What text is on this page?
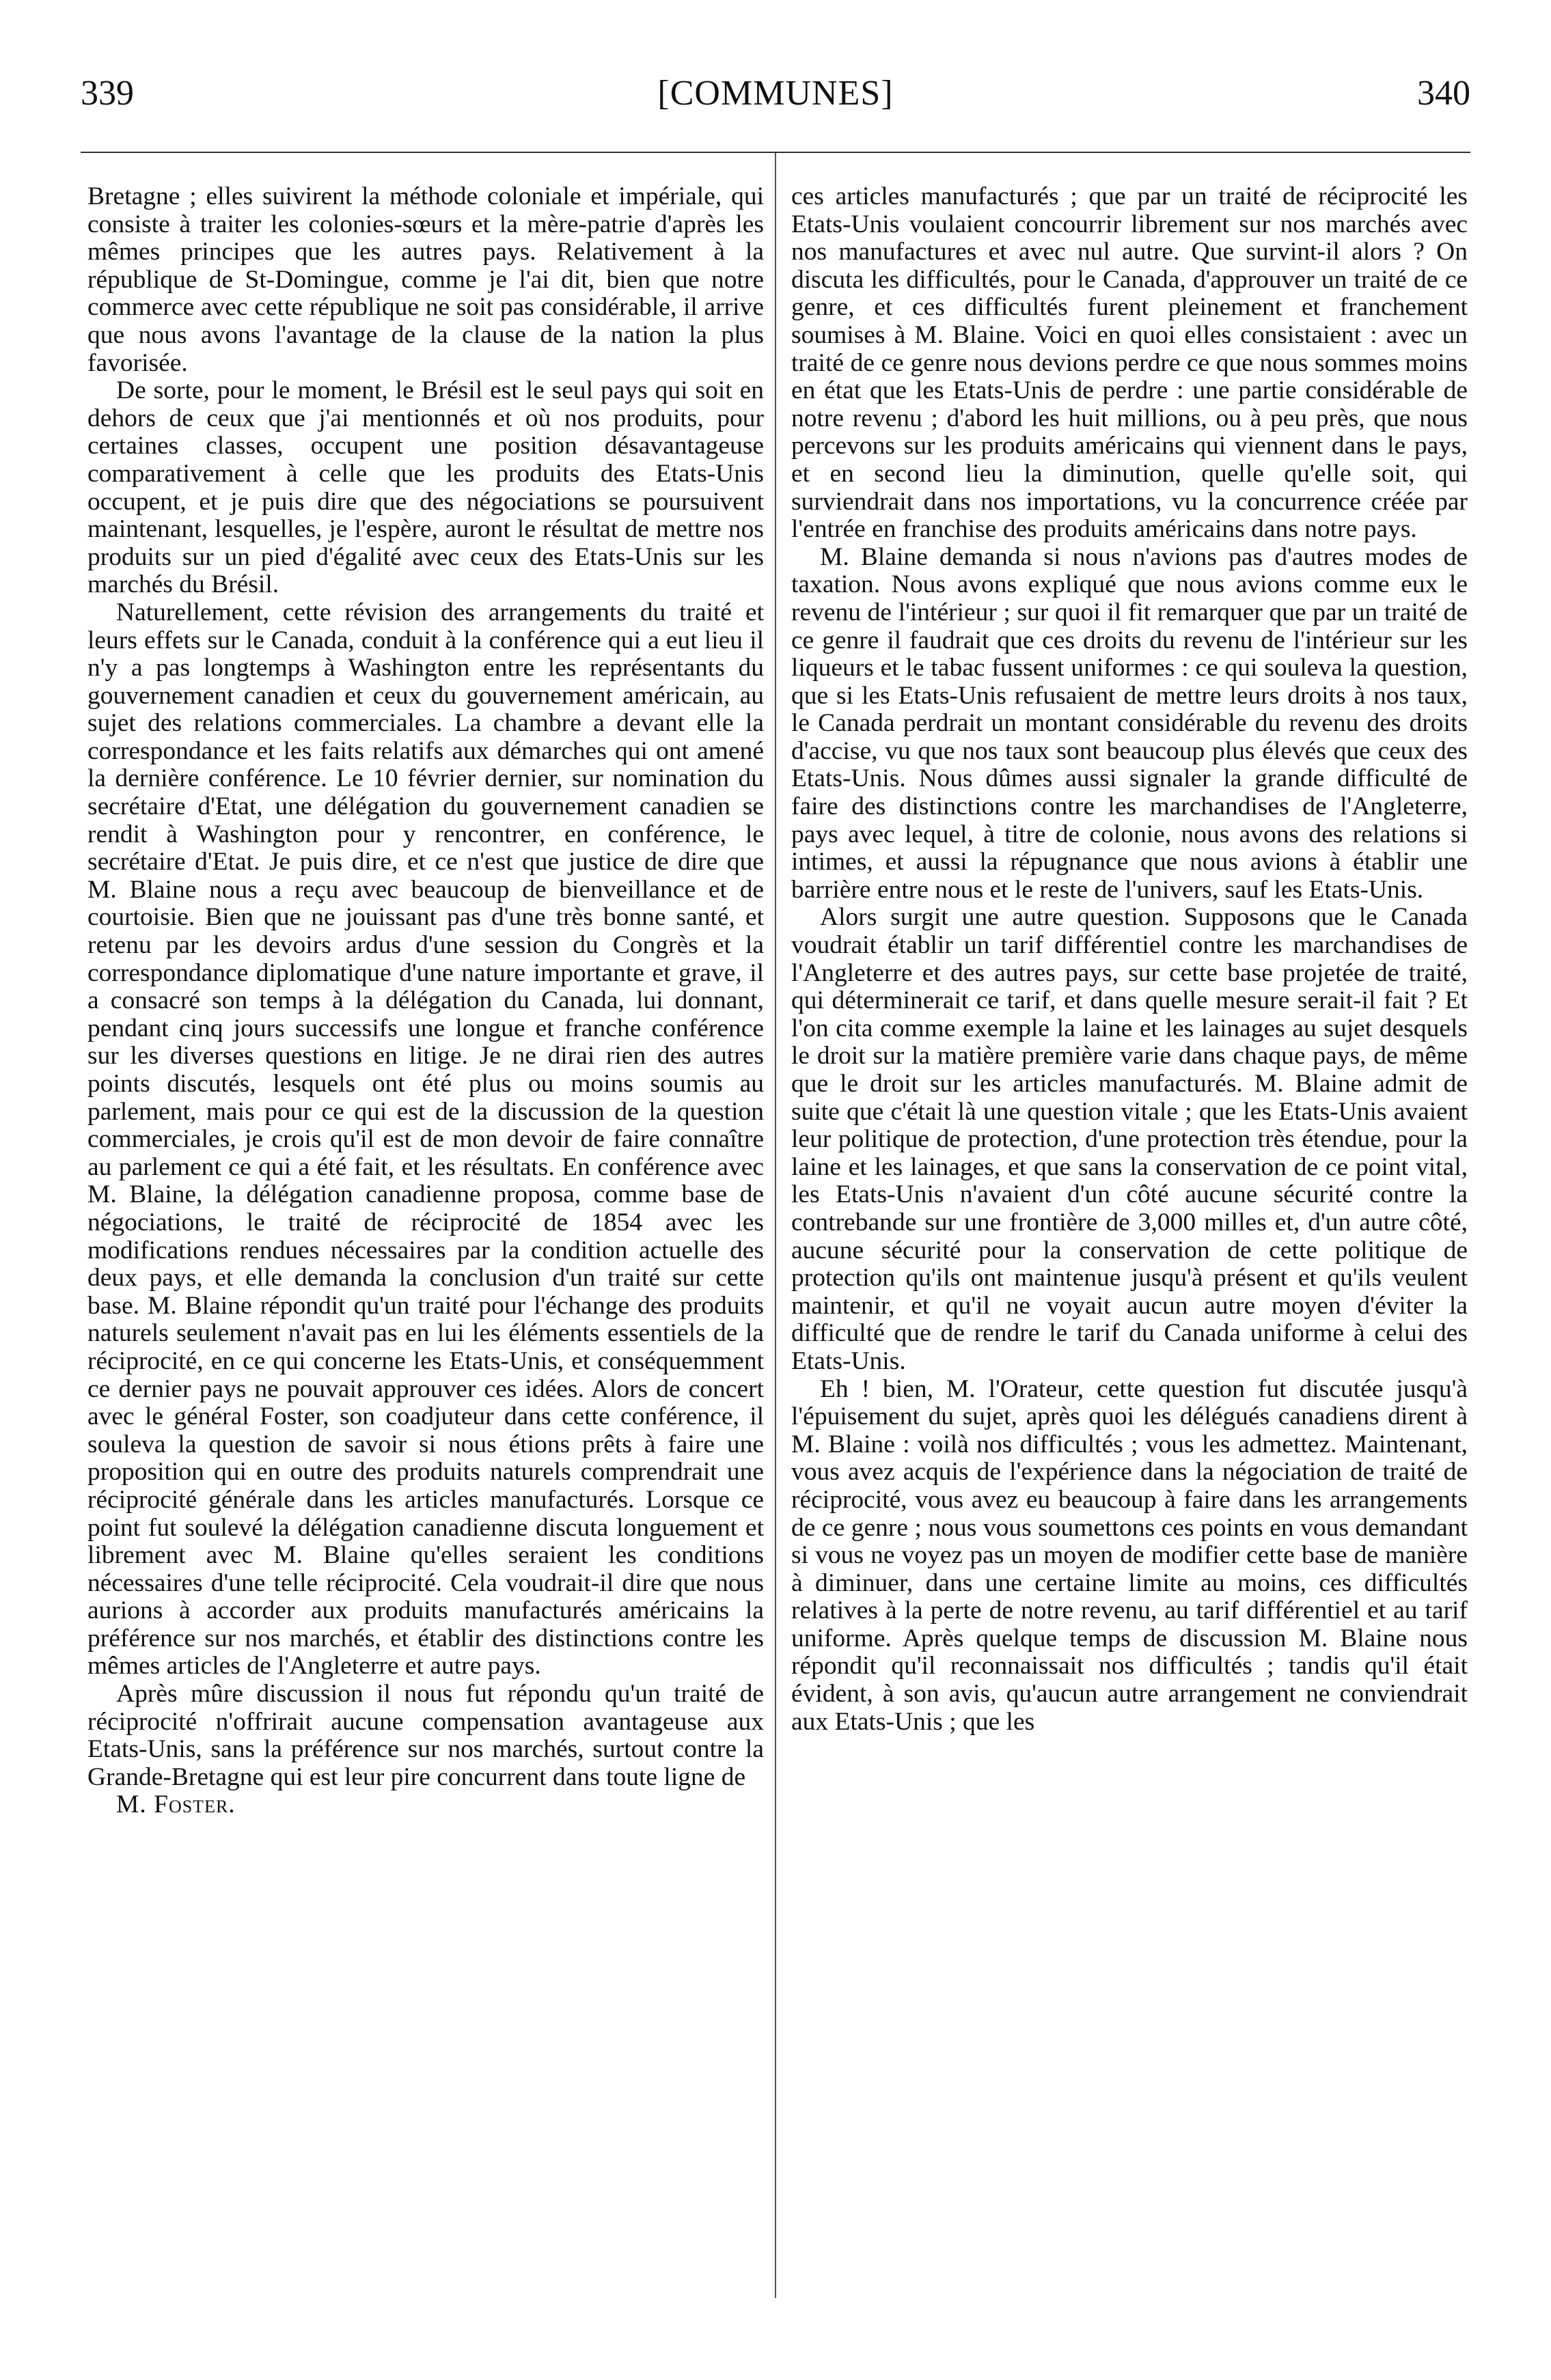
339	[COMMUNES]	340

Bretagne ; elles suivirent la méthode coloniale et impériale, qui consiste à traiter les colonies-sœurs et la mère-patrie d'après les mêmes principes que les autres pays. Relativement à la république de St-Domingue, comme je l'ai dit, bien que notre commerce avec cette république ne soit pas considérable, il arrive que nous avons l'avantage de la clause de la nation la plus favorisée.

De sorte, pour le moment, le Brésil est le seul pays qui soit en dehors de ceux que j'ai mentionnés et où nos produits, pour certaines classes, occupent une position désavantageuse comparativement à celle que les produits des Etats-Unis occupent, et je puis dire que des négociations se poursuivent maintenant, lesquelles, je l'espère, auront le résultat de mettre nos produits sur un pied d'égalité avec ceux des Etats-Unis sur les marchés du Brésil.

Naturellement, cette révision des arrangements du traité et leurs effets sur le Canada, conduit à la conférence qui a eut lieu il n'y a pas longtemps à Washington entre les représentants du gouvernement canadien et ceux du gouvernement américain, au sujet des relations commerciales. La chambre a devant elle la correspondance et les faits relatifs aux démarches qui ont amené la dernière conférence. Le 10 février dernier, sur nomination du secrétaire d'Etat, une délégation du gouvernement canadien se rendit à Washington pour y rencontrer, en conférence, le secrétaire d'Etat. Je puis dire, et ce n'est que justice de dire que M. Blaine nous a reçu avec beaucoup de bienveillance et de courtoisie. Bien que ne jouissant pas d'une très bonne santé, et retenu par les devoirs ardus d'une session du Congrès et la correspondance diplomatique d'une nature importante et grave, il a consacré son temps à la délégation du Canada, lui donnant, pendant cinq jours successifs une longue et franche conférence sur les diverses questions en litige. Je ne dirai rien des autres points discutés, lesquels ont été plus ou moins soumis au parlement, mais pour ce qui est de la discussion de la question commerciales, je crois qu'il est de mon devoir de faire connaître au parlement ce qui a été fait, et les résultats. En conférence avec M. Blaine, la délégation canadienne proposa, comme base de négociations, le traité de réciprocité de 1854 avec les modifications rendues nécessaires par la condition actuelle des deux pays, et elle demanda la conclusion d'un traité sur cette base. M. Blaine répondit qu'un traité pour l'échange des produits naturels seulement n'avait pas en lui les éléments essentiels de la réciprocité, en ce qui concerne les Etats-Unis, et conséquemment ce dernier pays ne pouvait approuver ces idées. Alors de concert avec le général Foster, son coadjuteur dans cette conférence, il souleva la question de savoir si nous étions prêts à faire une proposition qui en outre des produits naturels comprendrait une réciprocité générale dans les articles manufacturés. Lorsque ce point fut soulevé la délégation canadienne discuta longuement et librement avec M. Blaine qu'elles seraient les conditions nécessaires d'une telle réciprocité. Cela voudrait-il dire que nous aurions à accorder aux produits manufacturés américains la préférence sur nos marchés, et établir des distinctions contre les mêmes articles de l'Angleterre et autre pays.

Après mûre discussion il nous fut répondu qu'un traité de réciprocité n'offrirait aucune compensation avantageuse aux Etats-Unis, sans la préférence sur nos marchés, surtout contre la Grande-Bretagne qui est leur pire concurrent dans toute ligne de

M. Foster.

ces articles manufacturés ; que par un traité de réciprocité les Etats-Unis voulaient concourrir librement sur nos marchés avec nos manufactures et avec nul autre. Que survint-il alors ? On discuta les difficultés, pour le Canada, d'approuver un traité de ce genre, et ces difficultés furent pleinement et franchement soumises à M. Blaine. Voici en quoi elles consistaient : avec un traité de ce genre nous devions perdre ce que nous sommes moins en état que les Etats-Unis de perdre : une partie considérable de notre revenu ; d'abord les huit millions, ou à peu près, que nous percevons sur les produits américains qui viennent dans le pays, et en second lieu la diminution, quelle qu'elle soit, qui surviendrait dans nos importations, vu la concurrence créée par l'entrée en franchise des produits américains dans notre pays.

M. Blaine demanda si nous n'avions pas d'autres modes de taxation. Nous avons expliqué que nous avions comme eux le revenu de l'intérieur ; sur quoi il fit remarquer que par un traité de ce genre il faudrait que ces droits du revenu de l'intérieur sur les liqueurs et le tabac fussent uniformes : ce qui souleva la question, que si les Etats-Unis refusaient de mettre leurs droits à nos taux, le Canada perdrait un montant considérable du revenu des droits d'accise, vu que nos taux sont beaucoup plus élevés que ceux des Etats-Unis. Nous dûmes aussi signaler la grande difficulté de faire des distinctions contre les marchandises de l'Angleterre, pays avec lequel, à titre de colonie, nous avons des relations si intimes, et aussi la répugnance que nous avions à établir une barrière entre nous et le reste de l'univers, sauf les Etats-Unis.

Alors surgit une autre question. Supposons que le Canada voudrait établir un tarif différentiel contre les marchandises de l'Angleterre et des autres pays, sur cette base projetée de traité, qui déterminerait ce tarif, et dans quelle mesure serait-il fait ? Et l'on cita comme exemple la laine et les lainages au sujet desquels le droit sur la matière première varie dans chaque pays, de même que le droit sur les articles manufacturés. M. Blaine admit de suite que c'était là une question vitale ; que les Etats-Unis avaient leur politique de protection, d'une protection très étendue, pour la laine et les lainages, et que sans la conservation de ce point vital, les Etats-Unis n'avaient d'un côté aucune sécurité contre la contrebande sur une frontière de 3,000 milles et, d'un autre côté, aucune sécurité pour la conservation de cette politique de protection qu'ils ont maintenue jusqu'à présent et qu'ils veulent maintenir, et qu'il ne voyait aucun autre moyen d'éviter la difficulté que de rendre le tarif du Canada uniforme à celui des Etats-Unis.

Eh ! bien, M. l'Orateur, cette question fut discutée jusqu'à l'épuisement du sujet, après quoi les délégués canadiens dirent à M. Blaine : voilà nos difficultés ; vous les admettez. Maintenant, vous avez acquis de l'expérience dans la négociation de traité de réciprocité, vous avez eu beaucoup à faire dans les arrangements de ce genre ; nous vous soumettons ces points en vous demandant si vous ne voyez pas un moyen de modifier cette base de manière à diminuer, dans une certaine limite au moins, ces difficultés relatives à la perte de notre revenu, au tarif différentiel et au tarif uniforme. Après quelque temps de discussion M. Blaine nous répondit qu'il reconnaissait nos difficultés ; tandis qu'il était évident, à son avis, qu'aucun autre arrangement ne conviendrait aux Etats-Unis ; que les
